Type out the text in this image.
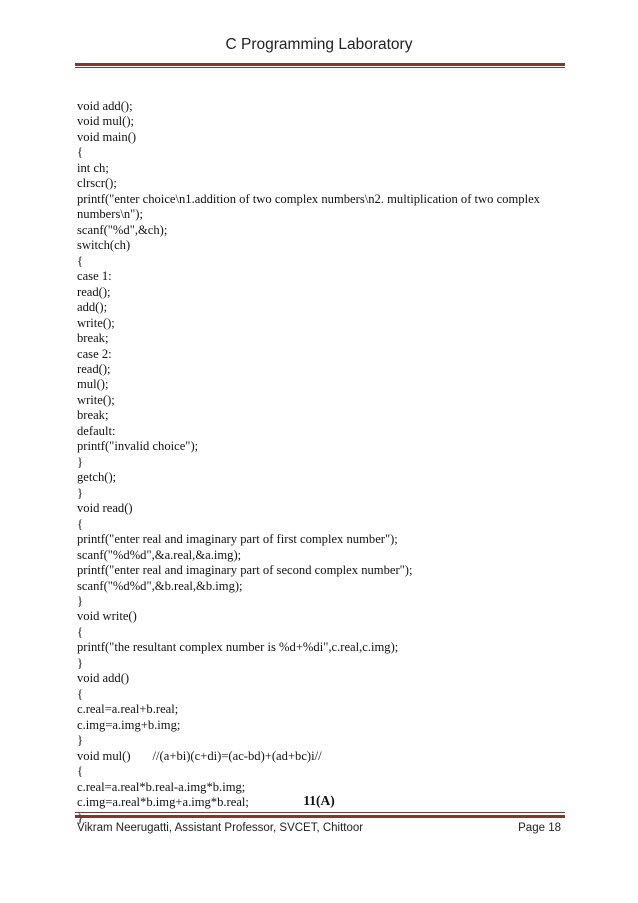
C Programming Laboratory
void add();
void mul();
void main()
{
int ch;
clrscr();
printf("enter choice\n1.addition of two complex numbers\n2. multiplication of two complex numbers\n");
scanf("%d",&ch);
switch(ch)
{
case 1:
read();
add();
write();
break;
case 2:
read();
mul();
write();
break;
default:
printf("invalid choice");
}
getch();
}
void read()
{
printf("enter real and imaginary part of first complex number");
scanf("%d%d",&a.real,&a.img);
printf("enter real and imaginary part of second complex number");
scanf("%d%d",&b.real,&b.img);
}
void write()
{
printf("the resultant complex number is %d+%di",c.real,c.img);
}
void add()
{
c.real=a.real+b.real;
c.img=a.img+b.img;
}
void mul()       //(a+bi)(c+di)=(ac-bd)+(ad+bc)i//
{
c.real=a.real*b.real-a.img*b.img;
c.img=a.real*b.img+a.img*b.real;	11(A)
Vikram Neerugatti, Assistant Professor, SVCET, Chittoor	Page 18
